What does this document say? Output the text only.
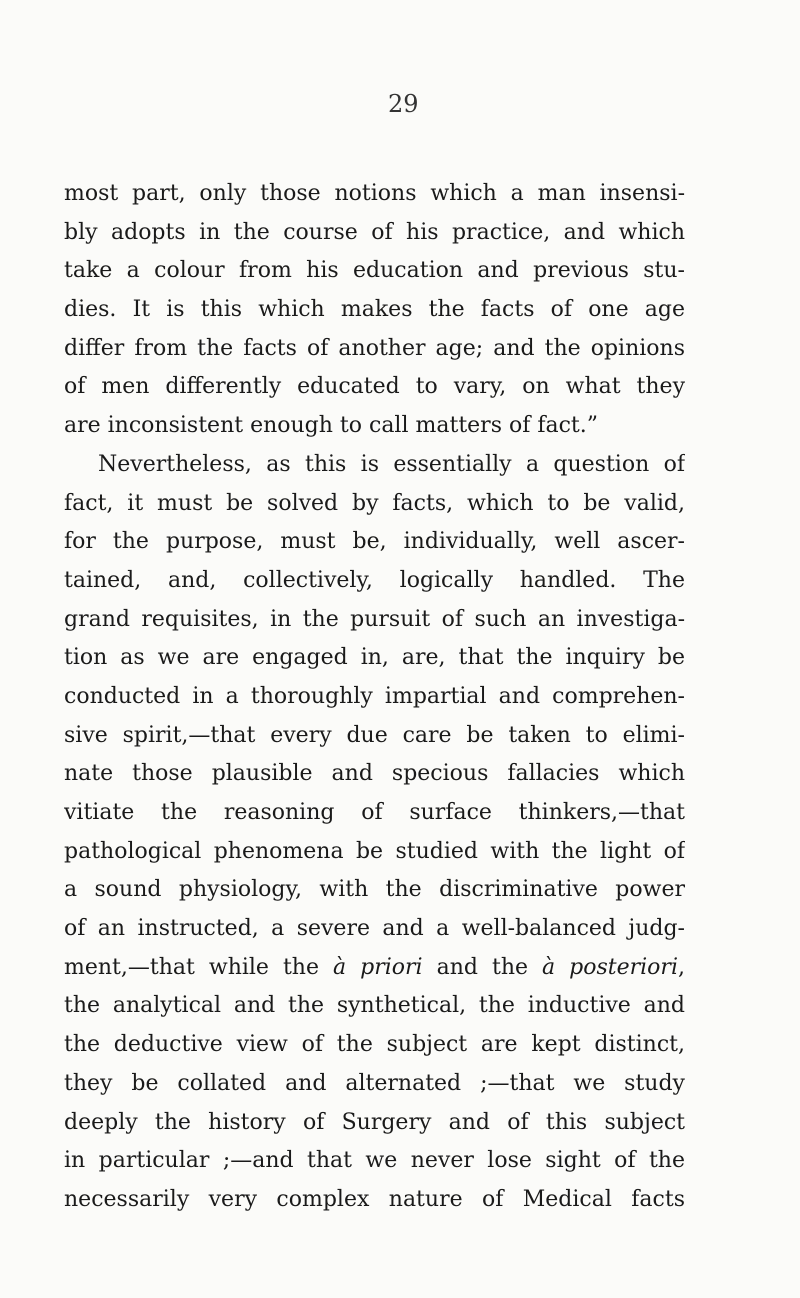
29
most part, only those notions which a man insensi-
bly adopts in the course of his practice, and which
take a colour from his education and previous stu-
dies. It is this which makes the facts of one age
differ from the facts of another age; and the opinions
of men differently educated to vary, on what they
are inconsistent enough to call matters of fact.”
Nevertheless, as this is essentially a question of
fact, it must be solved by facts, which to be valid,
for the purpose, must be, individually, well ascer-
tained, and, collectively, logically handled. The
grand requisites, in the pursuit of such an investiga-
tion as we are engaged in, are, that the inquiry be
conducted in a thoroughly impartial and comprehen-
sive spirit,—that every due care be taken to elimi-
nate those plausible and specious fallacies which
vitiate the reasoning of surface thinkers,—that
pathological phenomena be studied with the light of
a sound physiology, with the discriminative power
of an instructed, a severe and a well-balanced judg-
ment,—that while the à priori and the à posteriori,
the analytical and the synthetical, the inductive and
the deductive view of the subject are kept distinct,
they be collated and alternated ;—that we study
deeply the history of Surgery and of this subject
in particular ;—and that we never lose sight of the
necessarily very complex nature of Medical facts
